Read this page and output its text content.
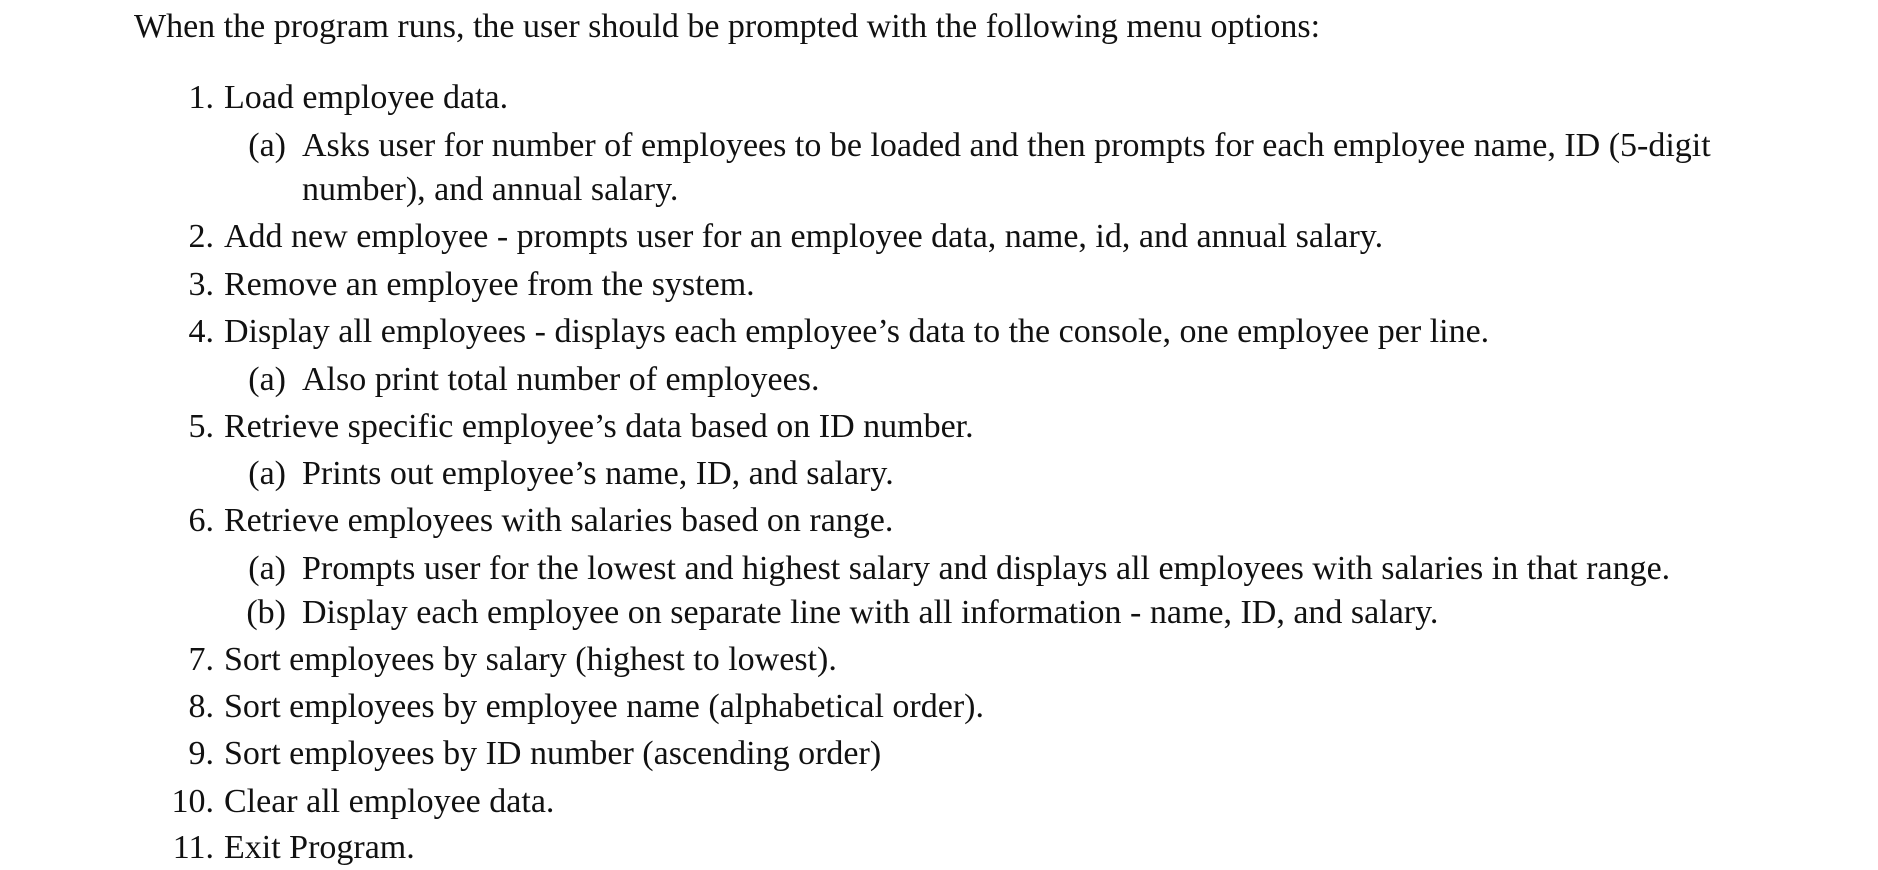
When the program runs, the user should be prompted with the following menu options:
1. Load employee data.
(a) Asks user for number of employees to be loaded and then prompts for each employee name, ID (5-digit
number), and annual salary.
2. Add new employee - prompts user for an employee data, name, id, and annual salary.
3. Remove an employee from the system.
4. Display all employees - displays each employee’s data to the console, one employee per line.
(a) Also print total number of employees.
5. Retrieve specific employee’s data based on ID number.
(a) Prints out employee’s name, ID, and salary.
6. Retrieve employees with salaries based on range.
(a) Prompts user for the lowest and highest salary and displays all employees with salaries in that range.
(b) Display each employee on separate line with all information - name, ID, and salary.
7. Sort employees by salary (highest to lowest).
8. Sort employees by employee name (alphabetical order).
9. Sort employees by ID number (ascending order)
10. Clear all employee data.
11. Exit Program.
